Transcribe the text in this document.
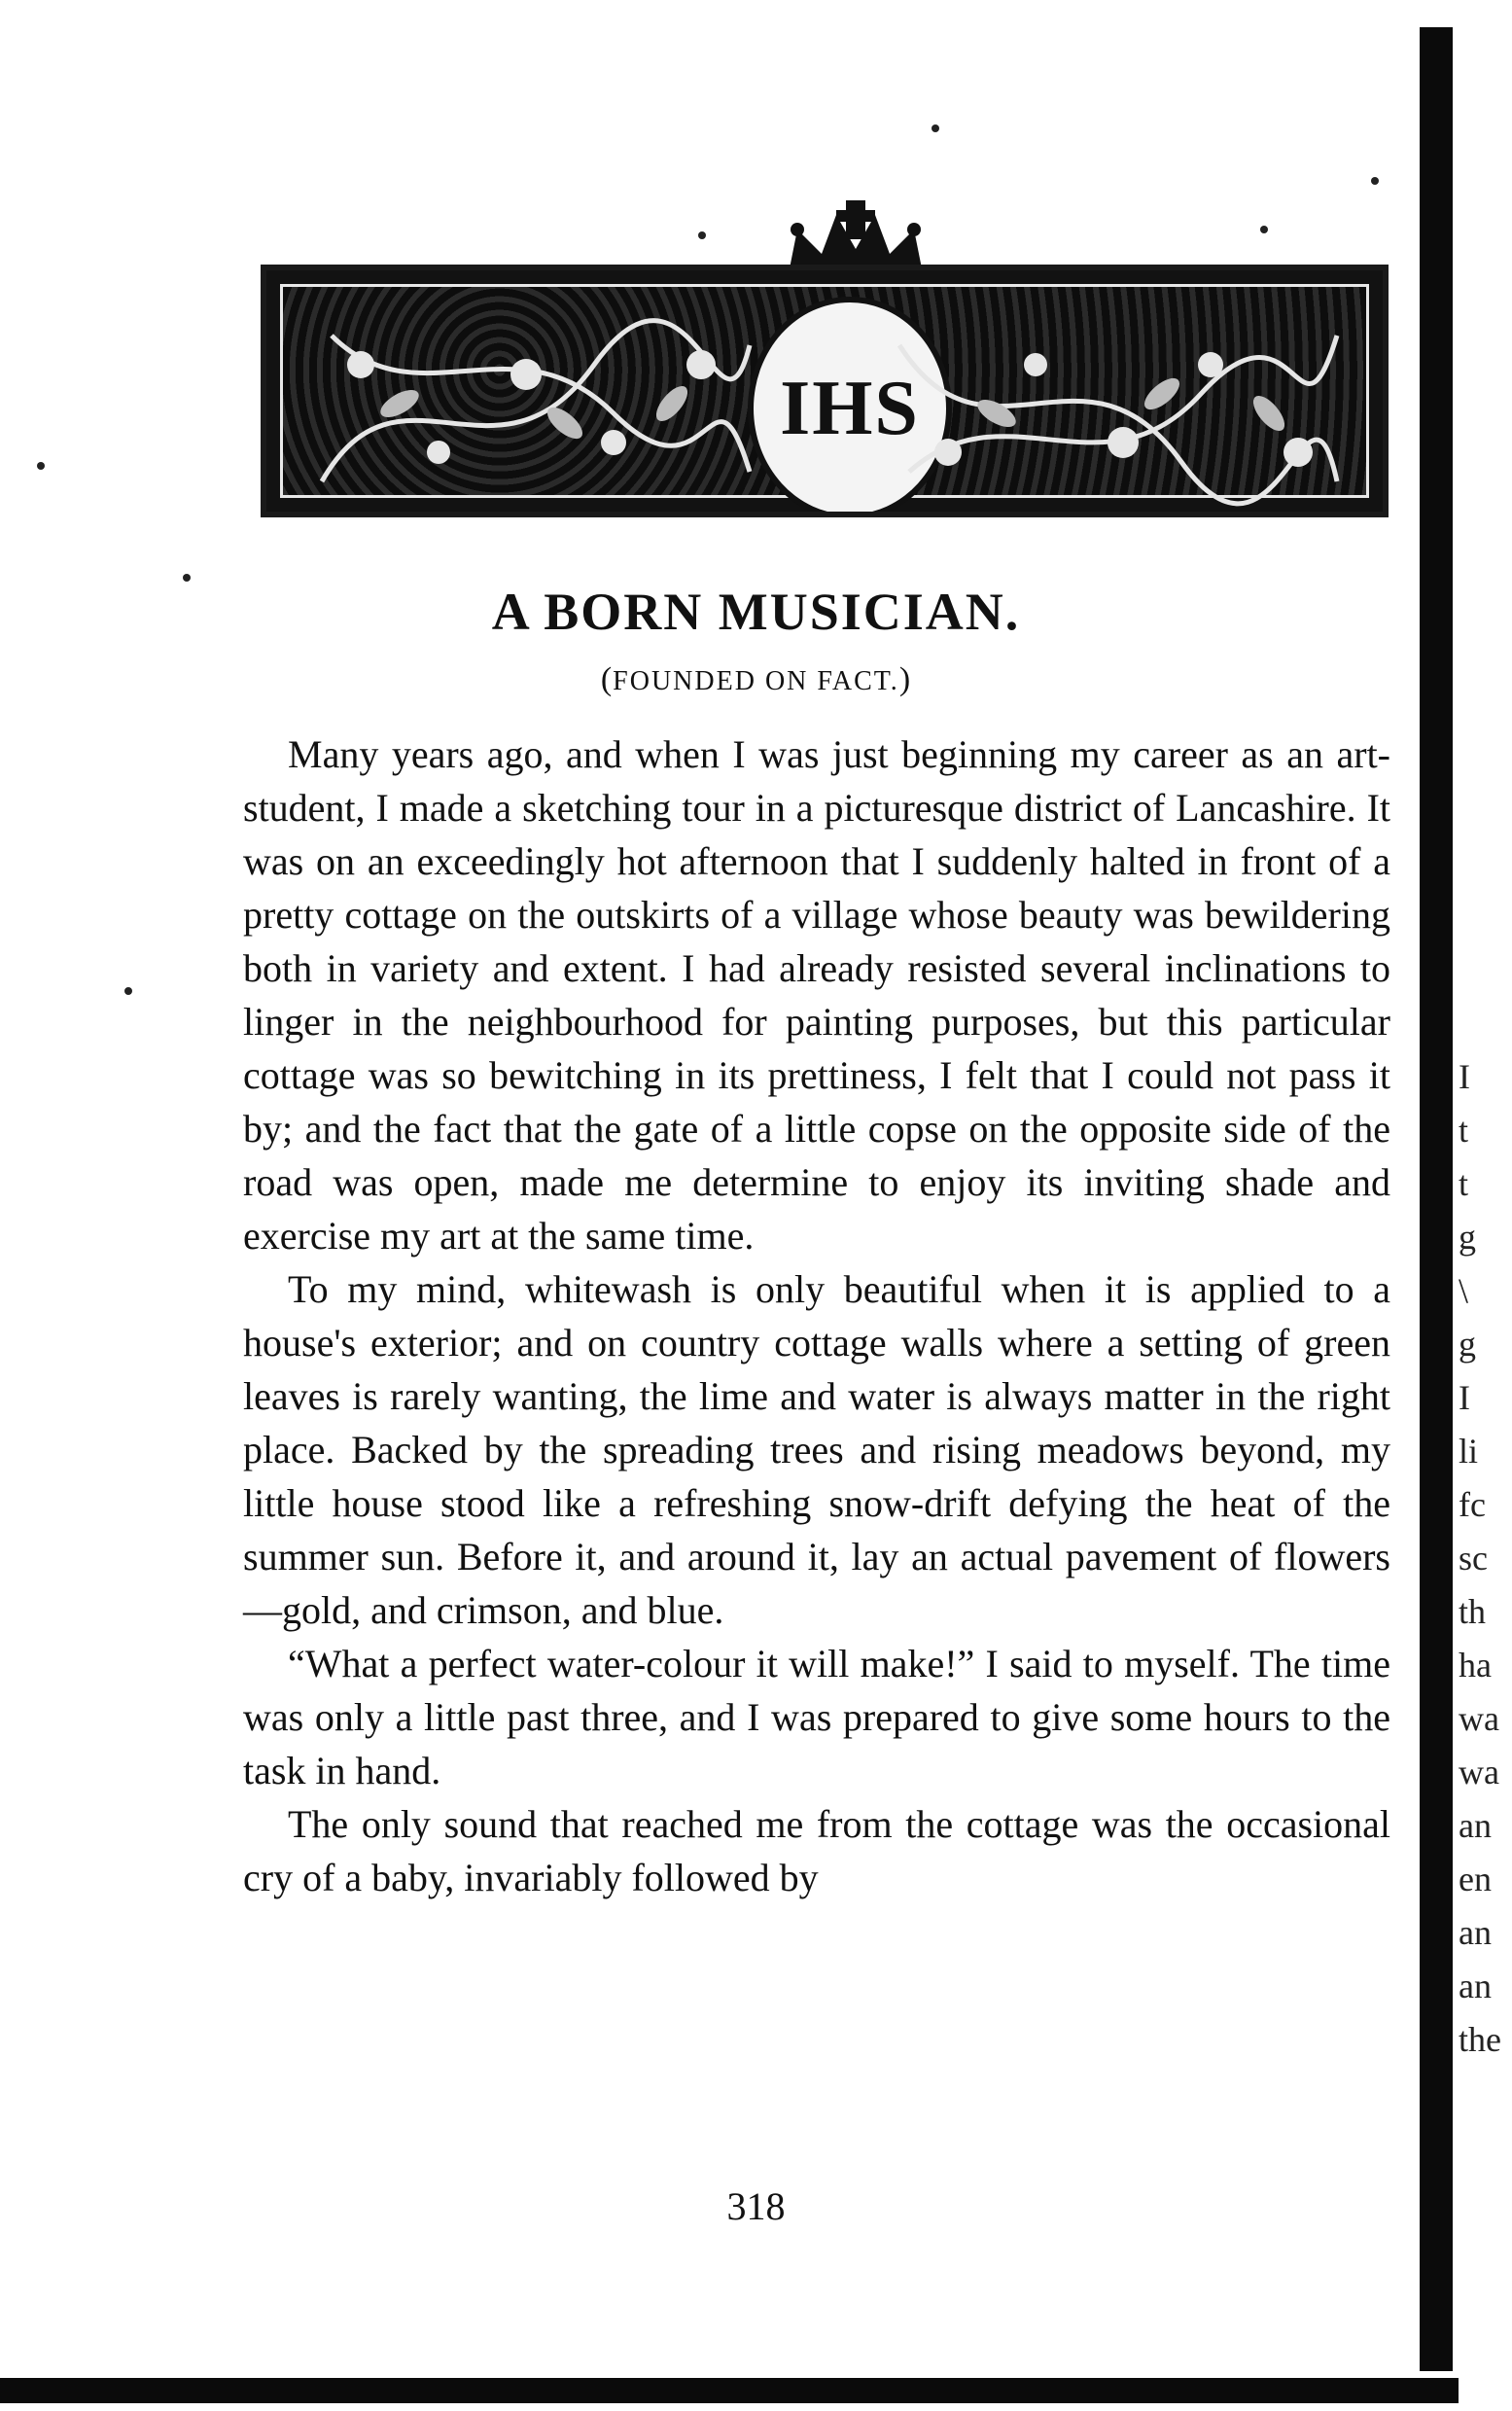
IHS
A BORN MUSICIAN.
(FOUNDED ON FACT.)

Many years ago, and when I was just beginning my career as an art-student, I made a sketching tour in a picturesque district of Lancashire. It was on an exceedingly hot afternoon that I suddenly halted in front of a pretty cottage on the outskirts of a village whose beauty was bewildering both in variety and extent. I had already resisted several inclinations to linger in the neighbourhood for painting purposes, but this particular cottage was so bewitching in its prettiness, I felt that I could not pass it by; and the fact that the gate of a little copse on the opposite side of the road was open, made me determine to enjoy its inviting shade and exercise my art at the same time.

To my mind, whitewash is only beautiful when it is applied to a house's exterior; and on country cottage walls where a setting of green leaves is rarely wanting, the lime and water is always matter in the right place. Backed by the spreading trees and rising meadows beyond, my little house stood like a refreshing snow-drift defying the heat of the summer sun. Before it, and around it, lay an actual pavement of flowers—gold, and crimson, and blue.

“What a perfect water-colour it will make!” I said to myself. The time was only a little past three, and I was prepared to give some hours to the task in hand.

The only sound that reached me from the cottage was the occasional cry of a baby, invariably followed by

I
t
t
g
\
g
I
li
fc
sc
th
ha
wa
wa
an
en
an
an
the
318
